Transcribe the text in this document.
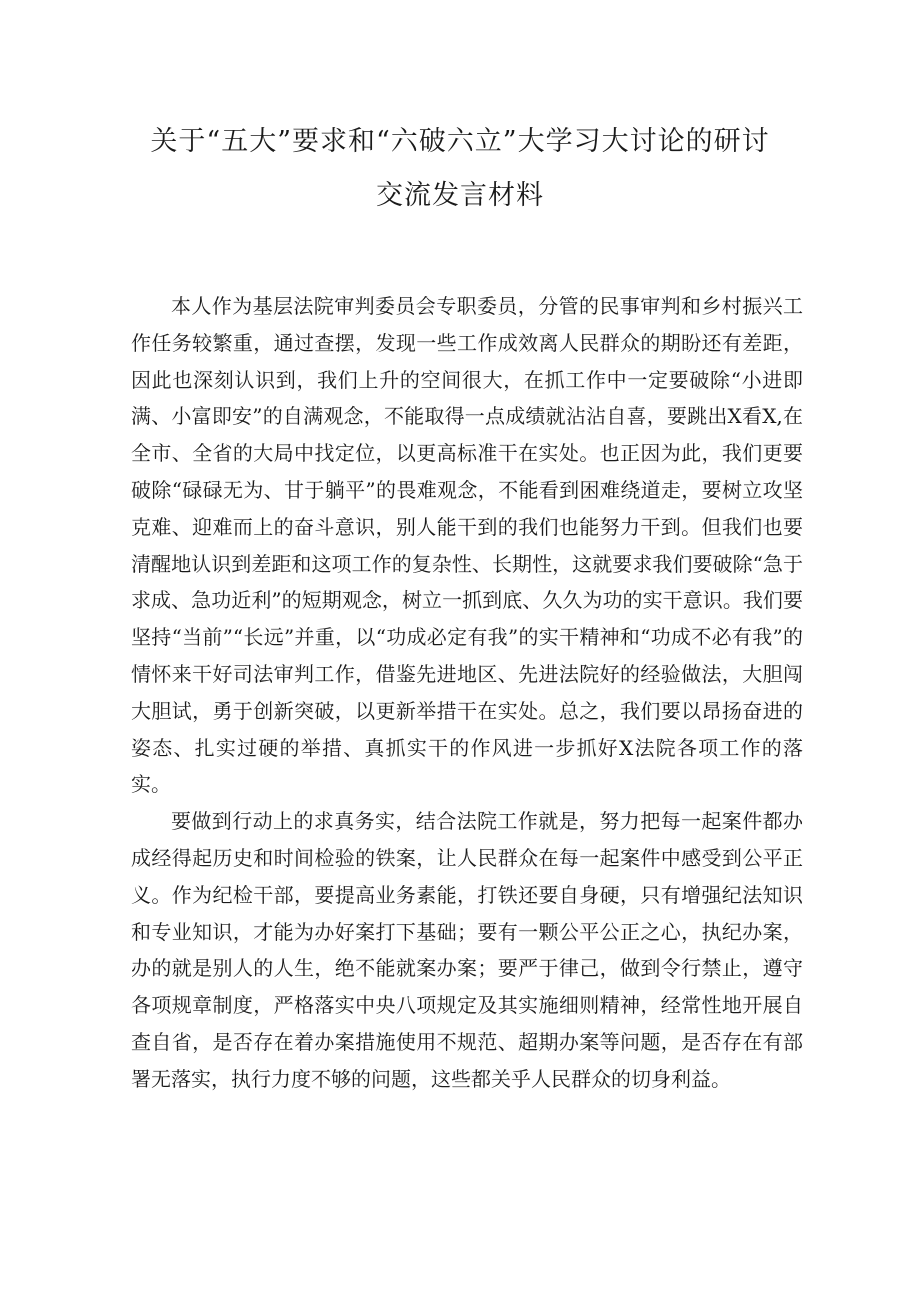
关于“五大”要求和“六破六立”大学习大讨论的研讨
交流发言材料

本人作为基层法院审判委员会专职委员，分管的民事审判和乡村振兴工作任务较繁重，通过查摆，发现一些工作成效离人民群众的期盼还有差距，因此也深刻认识到，我们上升的空间很大，在抓工作中一定要破除“小进即满、小富即安”的自满观念，不能取得一点成绩就沾沾自喜，要跳出X看X,在全市、全省的大局中找定位，以更高标准干在实处。也正因为此，我们更要破除“碌碌无为、甘于躺平”的畏难观念，不能看到困难绕道走，要树立攻坚克难、迎难而上的奋斗意识，别人能干到的我们也能努力干到。但我们也要清醒地认识到差距和这项工作的复杂性、长期性，这就要求我们要破除“急于求成、急功近利”的短期观念，树立一抓到底、久久为功的实干意识。我们要坚持“当前”“长远”并重，以“功成必定有我”的实干精神和“功成不必有我”的情怀来干好司法审判工作，借鉴先进地区、先进法院好的经验做法，大胆闯大胆试，勇于创新突破，以更新举措干在实处。总之，我们要以昂扬奋进的姿态、扎实过硬的举措、真抓实干的作风进一步抓好X法院各项工作的落实。

要做到行动上的求真务实，结合法院工作就是，努力把每一起案件都办成经得起历史和时间检验的铁案，让人民群众在每一起案件中感受到公平正义。作为纪检干部，要提高业务素能，打铁还要自身硬，只有增强纪法知识和专业知识，才能为办好案打下基础；要有一颗公平公正之心，执纪办案，办的就是别人的人生，绝不能就案办案；要严于律己，做到令行禁止，遵守各项规章制度，严格落实中央八项规定及其实施细则精神，经常性地开展自查自省，是否存在着办案措施使用不规范、超期办案等问题，是否存在有部署无落实，执行力度不够的问题，这些都关乎人民群众的切身利益。
